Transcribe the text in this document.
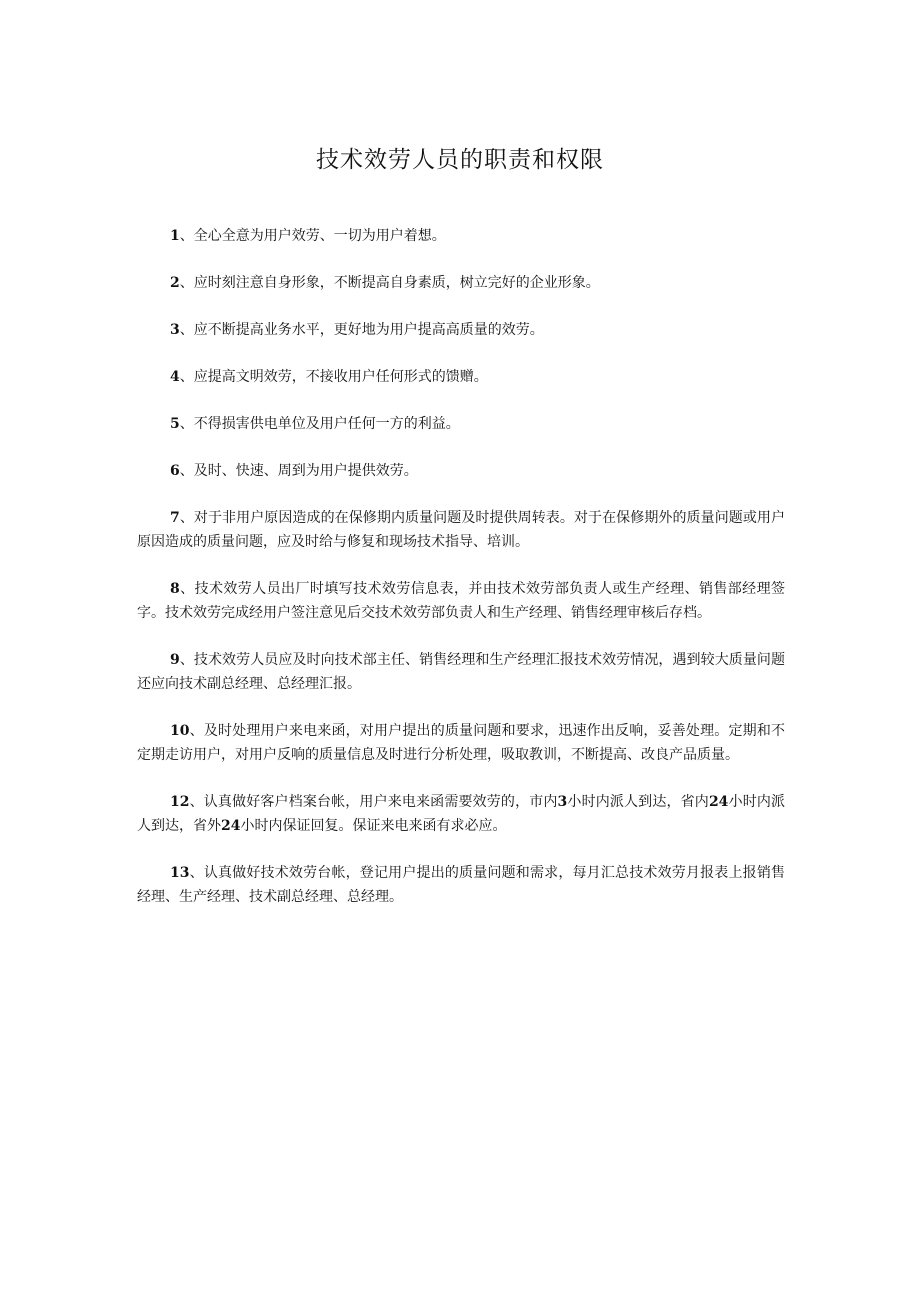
技术效劳人员的职责和权限
1、全心全意为用户效劳、一切为用户着想。
2、应时刻注意自身形象，不断提高自身素质，树立完好的企业形象。
3、应不断提高业务水平，更好地为用户提高高质量的效劳。
4、应提高文明效劳，不接收用户任何形式的馈赠。
5、不得损害供电单位及用户任何一方的利益。
6、及时、快速、周到为用户提供效劳。
7、对于非用户原因造成的在保修期内质量问题及时提供周转表。对于在保修期外的质量问题或用户原因造成的质量问题，应及时给与修复和现场技术指导、培训。
8、技术效劳人员出厂时填写技术效劳信息表，并由技术效劳部负责人或生产经理、销售部经理签字。技术效劳完成经用户签注意见后交技术效劳部负责人和生产经理、销售经理审核后存档。
9、技术效劳人员应及时向技术部主任、销售经理和生产经理汇报技术效劳情况，遇到较大质量问题还应向技术副总经理、总经理汇报。
10、及时处理用户来电来函，对用户提出的质量问题和要求，迅速作出反响，妥善处理。定期和不定期走访用户，对用户反响的质量信息及时进行分析处理，吸取教训，不断提高、改良产品质量。
12、认真做好客户档案台帐，用户来电来函需要效劳的，市内3小时内派人到达，省内24小时内派人到达，省外24小时内保证回复。保证来电来函有求必应。
13、认真做好技术效劳台帐，登记用户提出的质量问题和需求，每月汇总技术效劳月报表上报销售经理、生产经理、技术副总经理、总经理。
